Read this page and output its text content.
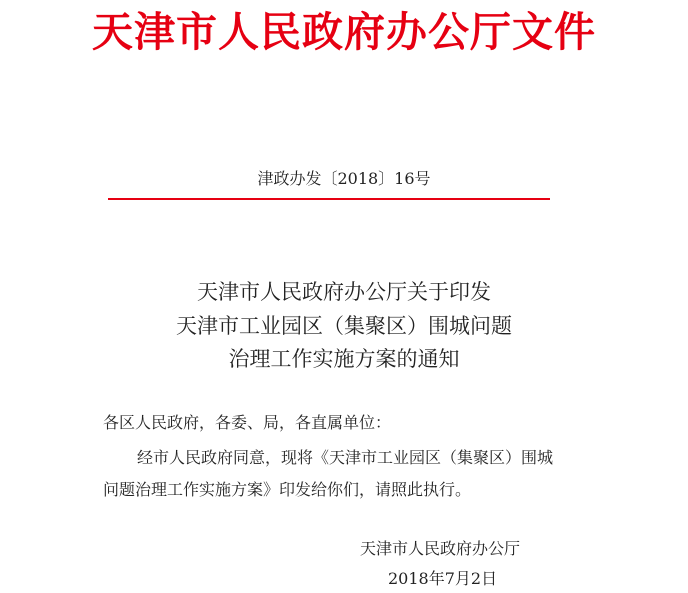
天津市人民政府办公厅文件
津政办发〔2018〕16号
天津市人民政府办公厅关于印发
天津市工业园区（集聚区）围城问题
治理工作实施方案的通知
各区人民政府，各委、局，各直属单位：
经市人民政府同意，现将《天津市工业园区（集聚区）围城
问题治理工作实施方案》印发给你们，请照此执行。
天津市人民政府办公厅
2018年7月2日
